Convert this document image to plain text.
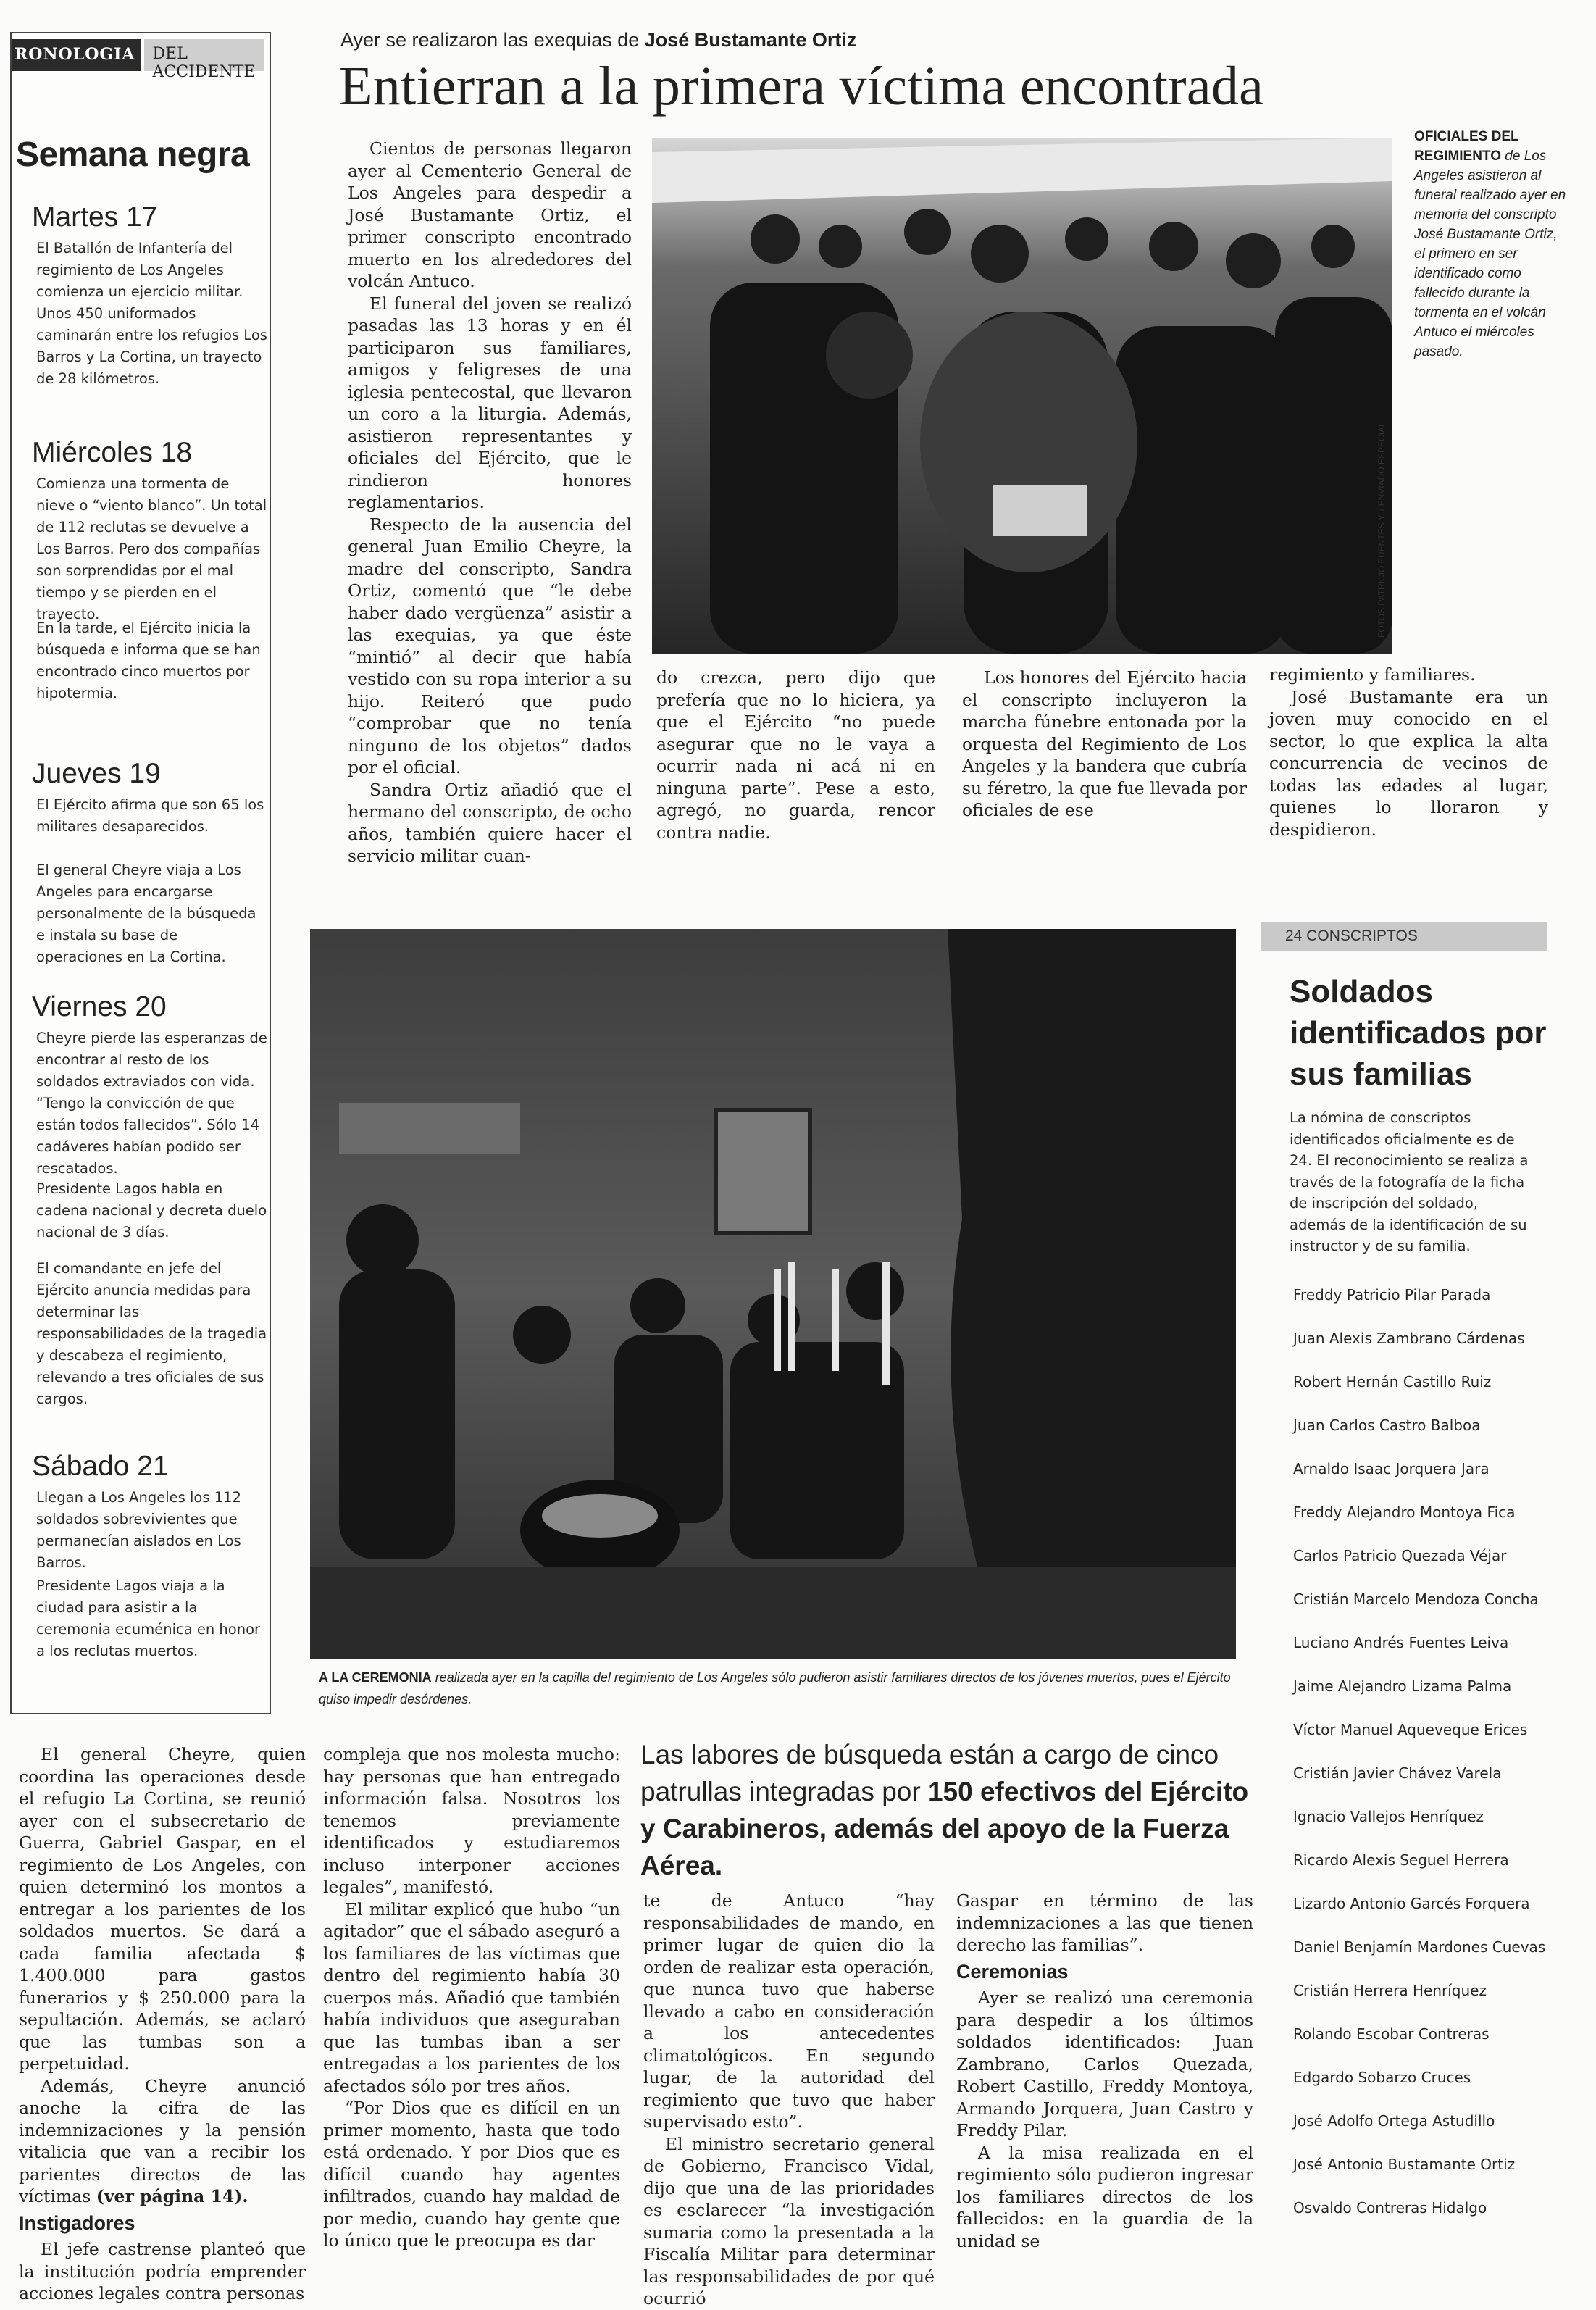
RONOLOGIA	DEL ACCIDENTE
Semana negra
Martes 17
El Batallón de Infantería del regimiento de Los Angeles comienza un ejercicio militar. Unos 450 uniformados caminarán entre los refugios Los Barros y La Cortina, un trayecto de 28 kilómetros.
Miércoles 18
Comienza una tormenta de nieve o “viento blanco”. Un total de 112 reclutas se devuelve a Los Barros. Pero dos compañías son sorprendidas por el mal tiempo y se pierden en el trayecto.
En la tarde, el Ejército inicia la búsqueda e informa que se han encontrado cinco muertos por hipotermia.
Jueves 19
El Ejército afirma que son 65 los militares desaparecidos.
El general Cheyre viaja a Los Angeles para encargarse personalmente de la búsqueda e instala su base de operaciones en La Cortina.
Viernes 20
Cheyre pierde las esperanzas de encontrar al resto de los soldados extraviados con vida. “Tengo la convicción de que están todos fallecidos”. Sólo 14 cadáveres habían podido ser rescatados.
Presidente Lagos habla en cadena nacional y decreta duelo nacional de 3 días.
El comandante en jefe del Ejército anuncia medidas para determinar las responsabilidades de la tragedia y descabeza el regimiento, relevando a tres oficiales de sus cargos.
Sábado 21
Llegan a Los Angeles los 112 soldados sobrevivientes que permanecían aislados en Los Barros.
Presidente Lagos viaja a la ciudad para asistir a la ceremonia ecuménica en honor a los reclutas muertos.
Ayer se realizaron las exequias de José Bustamante Ortiz
Entierran a la primera víctima encontrada

Cientos de personas llegaron ayer al Cementerio General de Los Angeles para despedir a José Bustamante Ortiz, el primer conscripto encontrado muerto en los alrededores del volcán Antuco.

El funeral del joven se realizó pasadas las 13 horas y en él participaron sus familiares, amigos y feligreses de una iglesia pentecostal, que llevaron un coro a la liturgia. Además, asistieron representantes y oficiales del Ejército, que le rindieron honores reglamentarios.

Respecto de la ausencia del general Juan Emilio Cheyre, la madre del conscripto, Sandra Ortiz, comentó que “le debe haber dado vergüenza” asistir a las exequias, ya que éste “mintió” al decir que había vestido con su ropa interior a su hijo. Reiteró que pudo “comprobar que no tenía ninguno de los objetos” dados por el oficial.

Sandra Ortiz añadió que el hermano del conscripto, de ocho años, también quiere hacer el servicio militar cuan-

FOTOS PATRICIO FUENTES Y. / ENVIADO ESPECIAL
OFICIALES DEL REGIMIENTO de Los Angeles asistieron al funeral realizado ayer en memoria del conscripto José Bustamante Ortiz, el primero en ser identificado como fallecido durante la tormenta en el volcán Antuco el miércoles pasado.

do crezca, pero dijo que prefería que no lo hiciera, ya que el Ejército “no puede asegurar que no le vaya a ocurrir nada ni acá ni en ninguna parte”. Pese a esto, agregó, no guarda, rencor contra nadie.

Los honores del Ejército hacia el conscripto incluyeron la marcha fúnebre entonada por la orquesta del Regimiento de Los Angeles y la bandera que cubría su féretro, la que fue llevada por oficiales de ese

regimiento y familiares.

José Bustamante era un joven muy conocido en el sector, lo que explica la alta concurrencia de vecinos de todas las edades al lugar, quienes lo lloraron y despidieron.

A LA CEREMONIA realizada ayer en la capilla del regimiento de Los Angeles sólo pudieron asistir familiares directos de los jóvenes muertos, pues el Ejército quiso impedir desórdenes.
24 CONSCRIPTOS
Soldados identificados por sus familias
La nómina de conscriptos identificados oficialmente es de 24. El reconocimiento se realiza a través de la fotografía de la ficha de inscripción del soldado, además de la identificación de su instructor y de su familia.
Freddy Patricio Pilar Parada
Juan Alexis Zambrano Cárdenas
Robert Hernán Castillo Ruiz
Juan Carlos Castro Balboa
Arnaldo Isaac Jorquera Jara
Freddy Alejandro Montoya Fica
Carlos Patricio Quezada Véjar
Cristián Marcelo Mendoza Concha
Luciano Andrés Fuentes Leiva
Jaime Alejandro Lizama Palma
Víctor Manuel Aqueveque Erices
Cristián Javier Chávez Varela
Ignacio Vallejos Henríquez
Ricardo Alexis Seguel Herrera
Lizardo Antonio Garcés Forquera
Daniel Benjamín Mardones Cuevas
Cristián Herrera Henríquez
Rolando Escobar Contreras
Edgardo Sobarzo Cruces
José Adolfo Ortega Astudillo
José Antonio Bustamante Ortiz
Osvaldo Contreras Hidalgo
Las labores de búsqueda están a cargo de cinco patrullas integradas por 150 efectivos del Ejército y Carabineros, además del apoyo de la Fuerza Aérea.

El general Cheyre, quien coordina las operaciones desde el refugio La Cortina, se reunió ayer con el subsecretario de Guerra, Gabriel Gaspar, en el regimiento de Los Angeles, con quien determinó los montos a entregar a los parientes de los soldados muertos. Se dará a cada familia afectada $ 1.400.000 para gastos funerarios y $ 250.000 para la sepultación. Además, se aclaró que las tumbas son a perpetuidad.

Además, Cheyre anunció anoche la cifra de las indemnizaciones y la pensión vitalicia que van a recibir los parientes directos de las víctimas (ver página 14).

Instigadores

El jefe castrense planteó que la institución podría emprender acciones legales contra personas

compleja que nos molesta mucho: hay personas que han entregado información falsa. Nosotros los tenemos previamente identificados y estudiaremos incluso interponer acciones legales”, manifestó.

El militar explicó que hubo “un agitador” que el sábado aseguró a los familiares de las víctimas que dentro del regimiento había 30 cuerpos más. Añadió que también había individuos que aseguraban que las tumbas iban a ser entregadas a los parientes de los afectados sólo por tres años.

“Por Dios que es difícil en un primer momento, hasta que todo está ordenado. Y por Dios que es difícil cuando hay agentes infiltrados, cuando hay maldad de por medio, cuando hay gente que lo único que le preocupa es dar

te de Antuco “hay responsabilidades de mando, en primer lugar de quien dio la orden de realizar esta operación, que nunca tuvo que haberse llevado a cabo en consideración a los antecedentes climatológicos. En segundo lugar, de la autoridad del regimiento que tuvo que haber supervisado esto”.

El ministro secretario general de Gobierno, Francisco Vidal, dijo que una de las prioridades es esclarecer “la investigación sumaria como la presentada a la Fiscalía Militar para determinar las responsabilidades de por qué ocurrió

Gaspar en término de las indemnizaciones a las que tienen derecho las familias”.

Ceremonias

Ayer se realizó una ceremonia para despedir a los últimos soldados identificados: Juan Zambrano, Carlos Quezada, Robert Castillo, Freddy Montoya, Armando Jorquera, Juan Castro y Freddy Pilar.

A la misa realizada en el regimiento sólo pudieron ingresar los familiares directos de los fallecidos: en la guardia de la unidad se
